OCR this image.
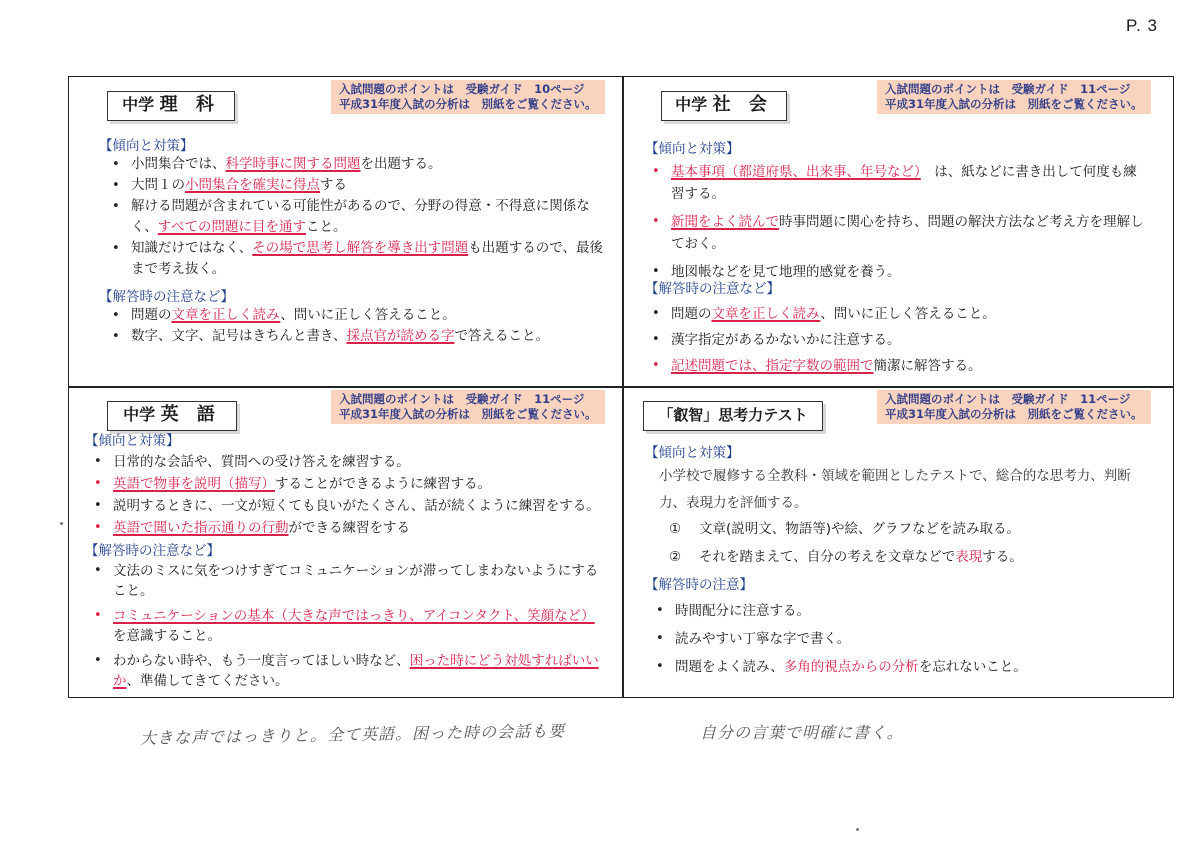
P. 3
中学 理 科
入試問題のポイントは　受験ガイド　10ページ
平成31年度入試の分析は　別紙をご覧ください。
【傾向と対策】
• 小問集合では、科学時事に関する問題を出題する。
• 大問１の小問集合を確実に得点する
• 解ける問題が含まれている可能性があるので、分野の得意・不得意に関係なく、すべての問題に目を通すこと。
• 知識だけではなく、その場で思考し解答を導き出す問題も出題するので、最後まで考え抜く。
【解答時の注意など】
• 問題の文章を正しく読み、問いに正しく答えること。
• 数字、文字、記号はきちんと書き、採点官が読める字で答えること。
中学 社 会
入試問題のポイントは　受験ガイド　11ページ
平成31年度入試の分析は　別紙をご覧ください。
【傾向と対策】
• 基本事項（都道府県、出来事、年号など）　は、紙などに書き出して何度も練習する。
• 新聞をよく読んで時事問題に関心を持ち、問題の解決方法など考え方を理解しておく。
• 地図帳などを見て地理的感覚を養う。
【解答時の注意など】
• 問題の文章を正しく読み、問いに正しく答えること。
• 漢字指定があるかないかに注意する。
• 記述問題では、指定字数の範囲で簡潔に解答する。
中学 英 語
入試問題のポイントは　受験ガイド　11ページ
平成31年度入試の分析は　別紙をご覧ください。
【傾向と対策】
• 日常的な会話や、質問への受け答えを練習する。
• 英語で物事を説明（描写）することができるように練習する。
• 説明するときに、一文が短くても良いがたくさん、話が続くように練習をする。
• 英語で聞いた指示通りの行動ができる練習をする
【解答時の注意など】
• 文法のミスに気をつけすぎてコミュニケーションが滞ってしまわないようにすること。
• コミュニケーションの基本（大きな声ではっきり、アイコンタクト、笑顔など）を意識すること。
• わからない時や、もう一度言ってほしい時など、困った時にどう対処すればいいか、準備してきてください。
「叡智」思考力テスト
入試問題のポイントは　受験ガイド　11ページ
平成31年度入試の分析は　別紙をご覧ください。
【傾向と対策】
小学校で履修する全教科・領域を範囲としたテストで、総合的な思考力、判断力、表現力を評価する。
① 文章(説明文、物語等)や絵、グラフなどを読み取る。
② それを踏まえて、自分の考えを文章などで表現する。
【解答時の注意】
• 時間配分に注意する。
• 読みやすい丁寧な字で書く。
• 問題をよく読み、多角的視点からの分析を忘れないこと。
大きな声ではっきりと。全て英語。困った時の会話も要	自分の言葉で明確に書く。
